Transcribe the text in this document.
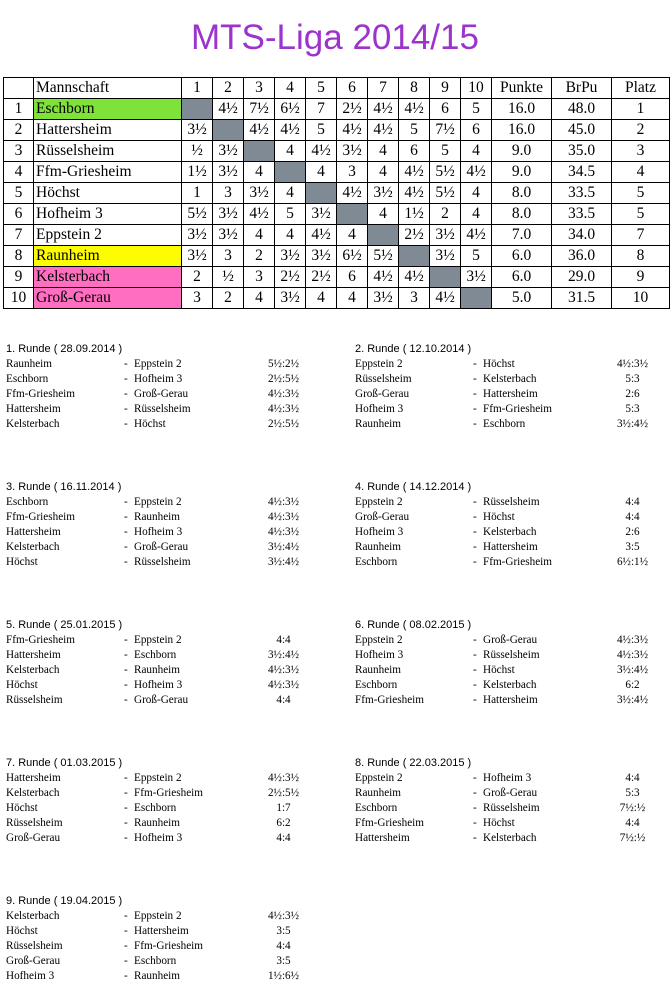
MTS-Liga 2014/15
	Mannschaft	1	2	3	4	5	6	7	8	9	10	Punkte	BrPu	Platz
1	Eschborn		4½	7½	6½	7	2½	4½	4½	6	5	16.0	48.0	1
2	Hattersheim	3½		4½	4½	5	4½	4½	5	7½	6	16.0	45.0	2
3	Rüsselsheim	½	3½		4	4½	3½	4	6	5	4	9.0	35.0	3
4	Ffm-Griesheim	1½	3½	4		4	3	4	4½	5½	4½	9.0	34.5	4
5	Höchst	1	3	3½	4		4½	3½	4½	5½	4	8.0	33.5	5
6	Hofheim 3	5½	3½	4½	5	3½		4	1½	2	4	8.0	33.5	5
7	Eppstein 2	3½	3½	4	4	4½	4		2½	3½	4½	7.0	34.0	7
8	Raunheim	3½	3	2	3½	3½	6½	5½		3½	5	6.0	36.0	8
9	Kelsterbach	2	½	3	2½	2½	6	4½	4½		3½	6.0	29.0	9
10	Groß-Gerau	3	2	4	3½	4	4	3½	3	4½		5.0	31.5	10
1. Runde ( 28.09.2014 )
Raunheim	- Eppstein 2	5½:2½
Eschborn	- Hofheim 3	2½:5½
Ffm-Griesheim	- Groß-Gerau	4½:3½
Hattersheim	- Rüsselsheim	4½:3½
Kelsterbach	- Höchst	2½:5½
2. Runde ( 12.10.2014 )
Eppstein 2	- Höchst	4½:3½
Rüsselsheim	- Kelsterbach	5:3
Groß-Gerau	- Hattersheim	2:6
Hofheim 3	- Ffm-Griesheim	5:3
Raunheim	- Eschborn	3½:4½
3. Runde ( 16.11.2014 )
Eschborn	- Eppstein 2	4½:3½
Ffm-Griesheim	- Raunheim	4½:3½
Hattersheim	- Hofheim 3	4½:3½
Kelsterbach	- Groß-Gerau	3½:4½
Höchst	- Rüsselsheim	3½:4½
4. Runde ( 14.12.2014 )
Eppstein 2	- Rüsselsheim	4:4
Groß-Gerau	- Höchst	4:4
Hofheim 3	- Kelsterbach	2:6
Raunheim	- Hattersheim	3:5
Eschborn	- Ffm-Griesheim	6½:1½
5. Runde ( 25.01.2015 )
Ffm-Griesheim	- Eppstein 2	4:4
Hattersheim	- Eschborn	3½:4½
Kelsterbach	- Raunheim	4½:3½
Höchst	- Hofheim 3	4½:3½
Rüsselsheim	- Groß-Gerau	4:4
6. Runde ( 08.02.2015 )
Eppstein 2	- Groß-Gerau	4½:3½
Hofheim 3	- Rüsselsheim	4½:3½
Raunheim	- Höchst	3½:4½
Eschborn	- Kelsterbach	6:2
Ffm-Griesheim	- Hattersheim	3½:4½
7. Runde ( 01.03.2015 )
Hattersheim	- Eppstein 2	4½:3½
Kelsterbach	- Ffm-Griesheim	2½:5½
Höchst	- Eschborn	1:7
Rüsselsheim	- Raunheim	6:2
Groß-Gerau	- Hofheim 3	4:4
8. Runde ( 22.03.2015 )
Eppstein 2	- Hofheim 3	4:4
Raunheim	- Groß-Gerau	5:3
Eschborn	- Rüsselsheim	7½:½
Ffm-Griesheim	- Höchst	4:4
Hattersheim	- Kelsterbach	7½:½
9. Runde ( 19.04.2015 )
Kelsterbach	- Eppstein 2	4½:3½
Höchst	- Hattersheim	3:5
Rüsselsheim	- Ffm-Griesheim	4:4
Groß-Gerau	- Eschborn	3:5
Hofheim 3	- Raunheim	1½:6½
